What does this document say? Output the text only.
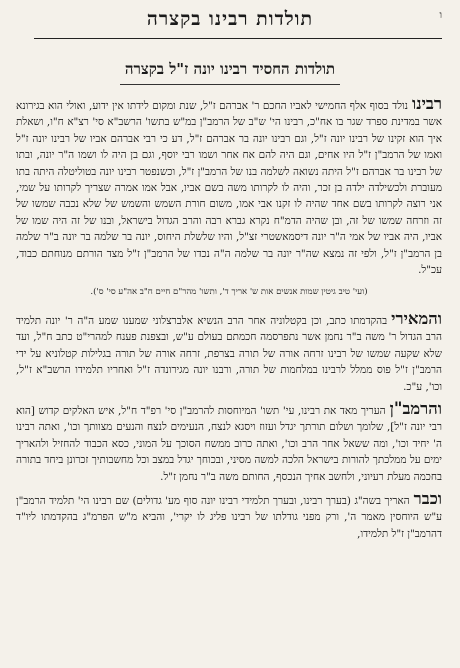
ו
תולדות רבינו בקצרה
תולדות החסיד רבינו יונה ז"ל בקצרה

רבינונולד בסוף אלף החמישי לאביו החכם ר' אברהם ז"ל, שנת ומקום לידתו אין ידוע, ואולי הוא בגירונא אשר במדינת ספרד שגר בו אח"כ, רבינו הי' ש"ב של הרמב"ן במ"ש בתשו' הרשב"א סי' רצ"א ח"ו, ושאלת איך הוא זקינו של רבינו יונה ז"ל, וגם רבינו יונה בר אברהם ז"ל, דע כי רבי אברהם אביו של רבינו יונה ז"ל ואמו של הרמב"ן ז"ל היו אחים, וגם היה להם אח אחר ושמו רבי יוסף, וגם בן היה לו ושמו ה"ר יונה, ובתו של רבינו בר אברהם ז"ל היתה נשואה לשלמה בנו של הרמב"ן ז"ל, וכשנפטר רבינו יונה בטוליטלה היתה בתו מעוברת ולכשילדה ילדה בן זכר, והיה לו לקרותו משה בשם אביו, אבל אמו אמרה שצריך לקרותו על שמי, אני רוצה לקרותו בשם אחד שהיה לו זקנו אבי אמו, משום חורת השמש והשמש של שלא נכבה שמשו של זה וזרחה שמשו של זה, ובן שהיה הדמ"ח נקרא גברא רבה והרב הגדול בישראל, ובנו של זה היה שמו של אביו, היה אביו של אמי ה"ר יונה דיסמאשטרי זצ"ל, והיו שלשלת היחוס, יונה בר שלמה בר יונה ב"ר שלמה בן הרמב"ן ז"ל, ולפי זה נמצא שה"ר יונה בר שלמה ה"ה נכדו של הרמב"ן ז"ל מצד הורתם מנוחתם כבוד, עכ"ל.

(ועי' טיב גיטין שמות אנשים אות ש' אריך ד', ותשו' מהר"ם חיים ח"ב אה"ע סי' ס').

והמאיריבהקדמתו כתב, וכן בקטלוניה אחר הרב הנשיא אלברצלוני שמענו שמע ה"ה ר' יונה תלמיד הרב הגדול ר' משה ב"ר נחמן אשר נתפרסמה חכמתם בעולם ע"ש, ובצפנת פענח למהרי"ט כתב ח"ל, ועד שלא שקעה שמשו של רבינו זרחה אורה של תורה בצרפת, זרחה אורה של תורה בגלילות קטלוניא על ידי הרמב"ן ז"ל פוס ממלל לרבינו במלחמות של תורה, ורבנו יונה מגירונדה ז"ל ואחריו תלמידו הרשב"א ז"ל, וכו', ע"כ.

והרמב"ןהעריך מאד את רבינו, עי' תשו' המיוחסות להרמב"ן סי' רפ"ד ח"ל, איש האלקים קדוש [הוא רבי יונה ז"ל], שלומך ושלום תורתך יגדל ועזוז ויסגא לנצח, הנעימים לנצח והנעים מצוותך וכו', ואתה רבינו ה' יחיד וכו', ומה ששאל אחר הרב וכו', ואתה כרוב ממשח הסוכך על המוני, כסא הכבוד להחזיל ולהאריך ימים על ממלכתך להורות בישראל הלכה למשה מסיני, ובכוחך יגדל במצב וכל מחשבותיך זכרונן ביחד בתורה בחכמה מעלת רעיוני, ולחשב אחיך הנכסף, החותם משה ב"ר נחמן ז"ל.

וכברהאריך בשה"ג (בערך רבינו, ובערך תלמידי רבינו יונה סוף מע' גדולים) שם רבינו הי' תלמיד הרמב"ן ע"ש היוחסין מאמר ה', ורק מפני גודלתו של רבינו פליג לו יקרי', והביא מ"ש הפרמ"ג בהקדמתו ליו"ד דהרמב"ן ז"ל תלמידו,
